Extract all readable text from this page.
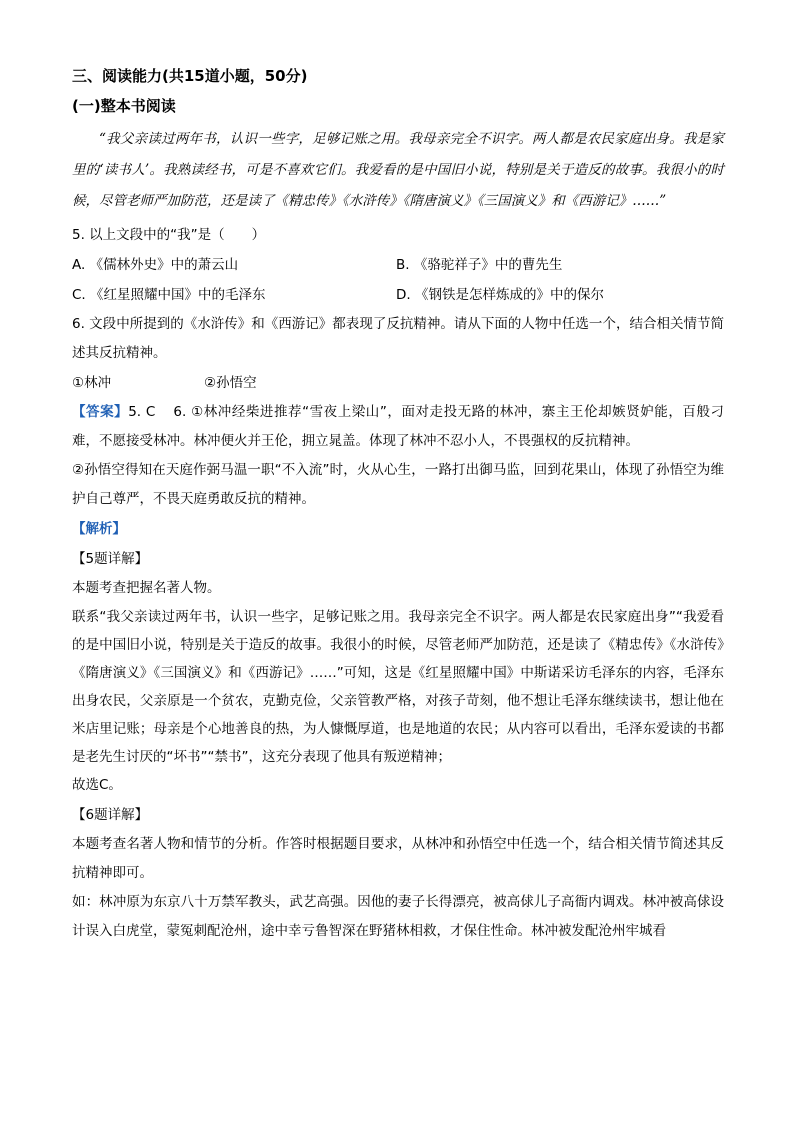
三、阅读能力(共15道小题，50分)
(一)整本书阅读

“我父亲读过两年书，认识一些字，足够记账之用。我母亲完全不识字。两人都是农民家庭出身。我是家里的‘读书人’。我熟读经书，可是不喜欢它们。我爱看的是中国旧小说，特别是关于造反的故事。我很小的时候，尽管老师严加防范，还是读了《精忠传》《水浒传》《隋唐演义》《三国演义》和《西游记》……”

5. 以上文段中的“我”是（　　）
A. 《儒林外史》中的萧云山	B. 《骆驼祥子》中的曹先生
C. 《红星照耀中国》中的毛泽东	D. 《钢铁是怎样炼成的》中的保尔

6. 文段中所提到的《水浒传》和《西游记》都表现了反抗精神。请从下面的人物中任选一个，结合相关情节简述其反抗精神。

①林冲	②孙悟空

【答案】5. C 6. ①林冲经柴进推荐“雪夜上梁山”，面对走投无路的林冲，寨主王伦却嫉贤妒能，百般刁难，不愿接受林冲。林冲便火并王伦，拥立晁盖。体现了林冲不忍小人，不畏强权的反抗精神。

②孙悟空得知在天庭作弼马温一职“不入流”时，火从心生，一路打出御马监，回到花果山，体现了孙悟空为维护自己尊严，不畏天庭勇敢反抗的精神。

【解析】
【5题详解】

本题考查把握名著人物。

联系“我父亲读过两年书，认识一些字，足够记账之用。我母亲完全不识字。两人都是农民家庭出身”“我爱看的是中国旧小说，特别是关于造反的故事。我很小的时候，尽管老师严加防范，还是读了《精忠传》《水浒传》《隋唐演义》《三国演义》和《西游记》……”可知，这是《红星照耀中国》中斯诺采访毛泽东的内容，毛泽东出身农民，父亲原是一个贫农，克勤克俭，父亲管教严格，对孩子苛刻，他不想让毛泽东继续读书，想让他在米店里记账；母亲是个心地善良的热，为人慷慨厚道，也是地道的农民；从内容可以看出，毛泽东爱读的书都是老先生讨厌的“坏书”“禁书”，这充分表现了他具有叛逆精神；

故选C。

【6题详解】

本题考查名著人物和情节的分析。作答时根据题目要求，从林冲和孙悟空中任选一个，结合相关情节简述其反抗精神即可。

如：林冲原为东京八十万禁军教头，武艺高强。因他的妻子长得漂亮，被高俅儿子高衙内调戏。林冲被高俅设计误入白虎堂，蒙冤刺配沧州，途中幸亏鲁智深在野猪林相救，才保住性命。林冲被发配沧州牢城看
